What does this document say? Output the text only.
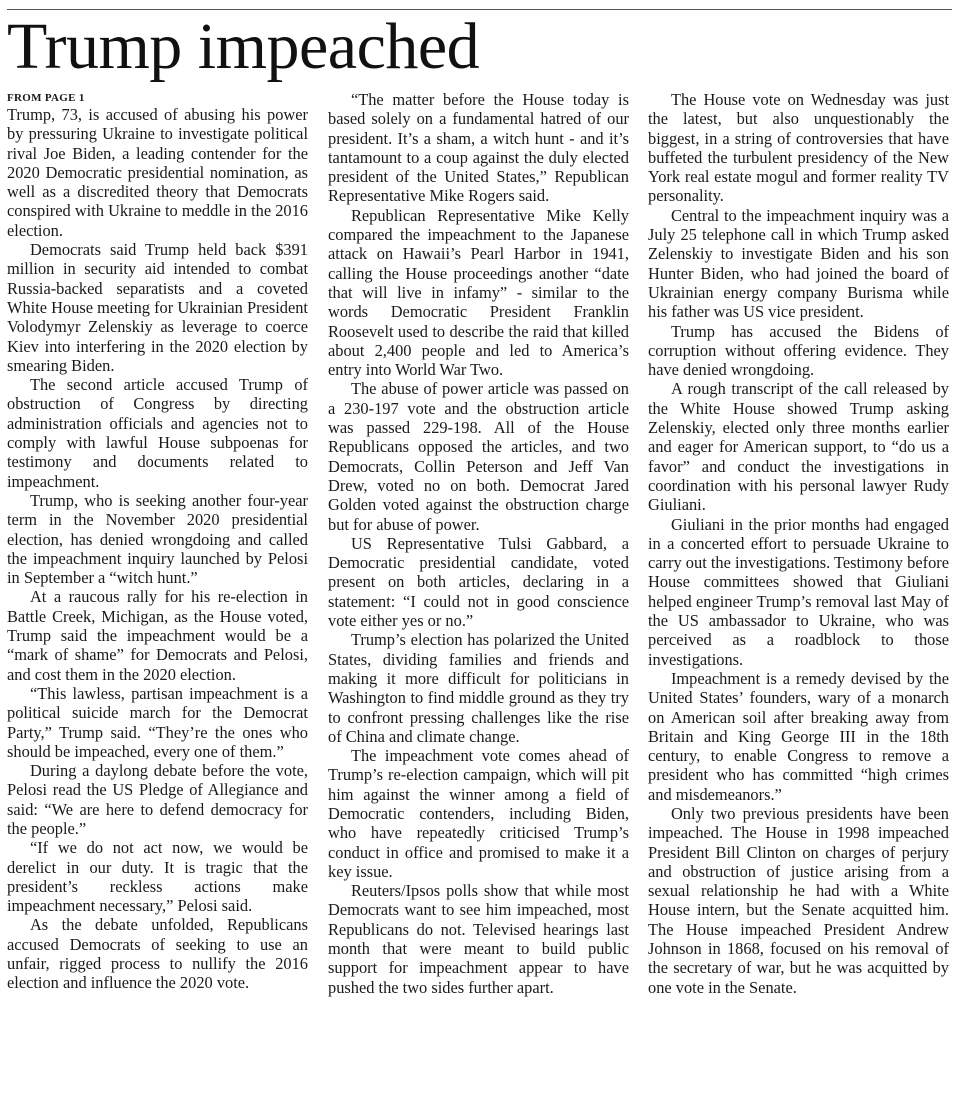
Trump impeached
FROM PAGE 1

Trump, 73, is accused of abusing his power by pressuring Ukraine to investigate political rival Joe Biden, a leading contender for the 2020 Democratic presidential nomination, as well as a discredited theory that Democrats conspired with Ukraine to meddle in the 2016 election.

Democrats said Trump held back $391 million in security aid intended to combat Russia-backed separatists and a coveted White House meeting for Ukrainian President Volodymyr Zelenskiy as leverage to coerce Kiev into interfering in the 2020 election by smearing Biden.

The second article accused Trump of obstruction of Congress by directing administration officials and agencies not to comply with lawful House subpoenas for testimony and documents related to impeachment.

Trump, who is seeking another four-year term in the November 2020 presidential election, has denied wrongdoing and called the impeachment inquiry launched by Pelosi in September a “witch hunt.”

At a raucous rally for his re-election in Battle Creek, Michigan, as the House voted, Trump said the impeachment would be a “mark of shame” for Democrats and Pelosi, and cost them in the 2020 election.

“This lawless, partisan impeachment is a political suicide march for the Democrat Party,” Trump said. “They’re the ones who should be impeached, every one of them.”

During a daylong debate before the vote, Pelosi read the US Pledge of Allegiance and said: “We are here to defend democracy for the people.”

“If we do not act now, we would be derelict in our duty. It is tragic that the president’s reckless actions make impeachment necessary,” Pelosi said.

As the debate unfolded, Republicans accused Democrats of seeking to use an unfair, rigged process to nullify the 2016 election and influence the 2020 vote.

“The matter before the House today is based solely on a fundamental hatred of our president. It’s a sham, a witch hunt - and it’s tantamount to a coup against the duly elected president of the United States,” Republican Representative Mike Rogers said.

Republican Representative Mike Kelly compared the impeachment to the Japanese attack on Hawaii’s Pearl Harbor in 1941, calling the House proceedings another “date that will live in infamy” - similar to the words Democratic President Franklin Roosevelt used to describe the raid that killed about 2,400 people and led to America’s entry into World War Two.

The abuse of power article was passed on a 230-197 vote and the obstruction article was passed 229-198. All of the House Republicans opposed the articles, and two Democrats, Collin Peterson and Jeff Van Drew, voted no on both. Democrat Jared Golden voted against the obstruction charge but for abuse of power.

US Representative Tulsi Gabbard, a Democratic presidential candidate, voted present on both articles, declaring in a statement: “I could not in good conscience vote either yes or no.”

Trump’s election has polarized the United States, dividing families and friends and making it more difficult for politicians in Washington to find middle ground as they try to confront pressing challenges like the rise of China and climate change.

The impeachment vote comes ahead of Trump’s re-election campaign, which will pit him against the winner among a field of Democratic contenders, including Biden, who have repeatedly criticised Trump’s conduct in office and promised to make it a key issue.

Reuters/Ipsos polls show that while most Democrats want to see him impeached, most Republicans do not. Televised hearings last month that were meant to build public support for impeachment appear to have pushed the two sides further apart.

The House vote on Wednesday was just the latest, but also unquestionably the biggest, in a string of controversies that have buffeted the turbulent presidency of the New York real estate mogul and former reality TV personality.

Central to the impeachment inquiry was a July 25 telephone call in which Trump asked Zelenskiy to investigate Biden and his son Hunter Biden, who had joined the board of Ukrainian energy company Burisma while his father was US vice president.

Trump has accused the Bidens of corruption without offering evidence. They have denied wrongdoing.

A rough transcript of the call released by the White House showed Trump asking Zelenskiy, elected only three months earlier and eager for American support, to “do us a favor” and conduct the investigations in coordination with his personal lawyer Rudy Giuliani.

Giuliani in the prior months had engaged in a concerted effort to persuade Ukraine to carry out the investigations. Testimony before House committees showed that Giuliani helped engineer Trump’s removal last May of the US ambassador to Ukraine, who was perceived as a roadblock to those investigations.

Impeachment is a remedy devised by the United States’ founders, wary of a monarch on American soil after breaking away from Britain and King George III in the 18th century, to enable Congress to remove a president who has committed “high crimes and misdemeanors.”

Only two previous presidents have been impeached. The House in 1998 impeached President Bill Clinton on charges of perjury and obstruction of justice arising from a sexual relationship he had with a White House intern, but the Senate acquitted him. The House impeached President Andrew Johnson in 1868, focused on his removal of the secretary of war, but he was acquitted by one vote in the Senate.
